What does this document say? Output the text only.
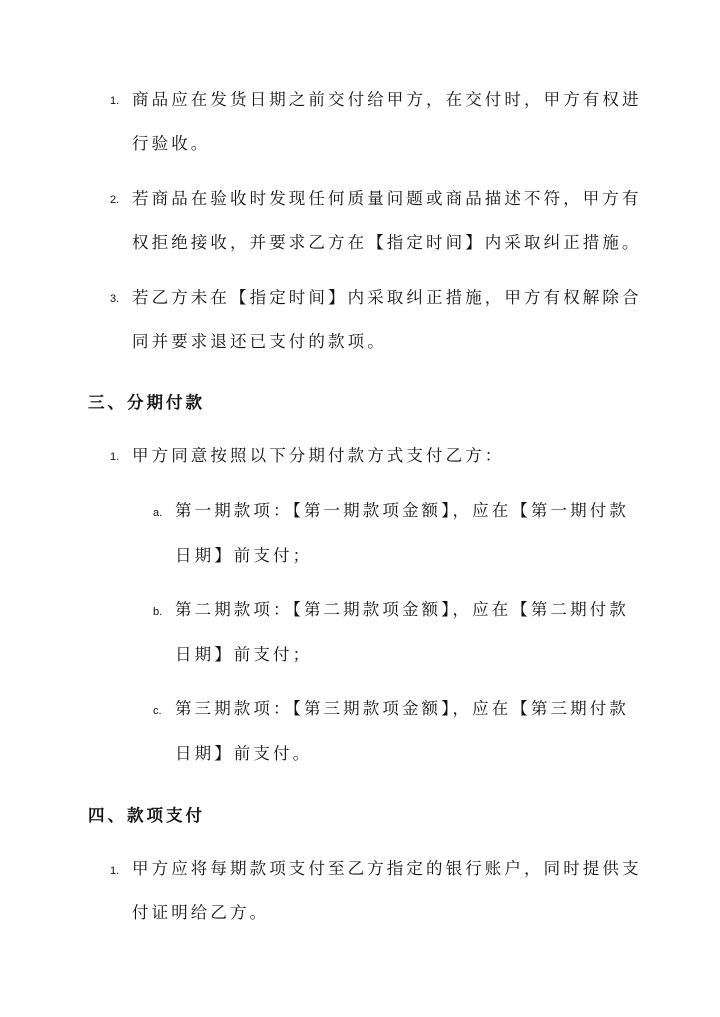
1. 商品应在发货日期之前交付给甲方，在交付时，甲方有权进
行验收。
2. 若商品在验收时发现任何质量问题或商品描述不符，甲方有
权拒绝接收，并要求乙方在【指定时间】内采取纠正措施。
3. 若乙方未在【指定时间】内采取纠正措施，甲方有权解除合
同并要求退还已支付的款项。
三、分期付款
1. 甲方同意按照以下分期付款方式支付乙方：
a. 第一期款项：【第一期款项金额】，应在【第一期付款
日期】前支付；
b. 第二期款项：【第二期款项金额】，应在【第二期付款
日期】前支付；
c. 第三期款项：【第三期款项金额】，应在【第三期付款
日期】前支付。
四、款项支付
1. 甲方应将每期款项支付至乙方指定的银行账户，同时提供支
付证明给乙方。
